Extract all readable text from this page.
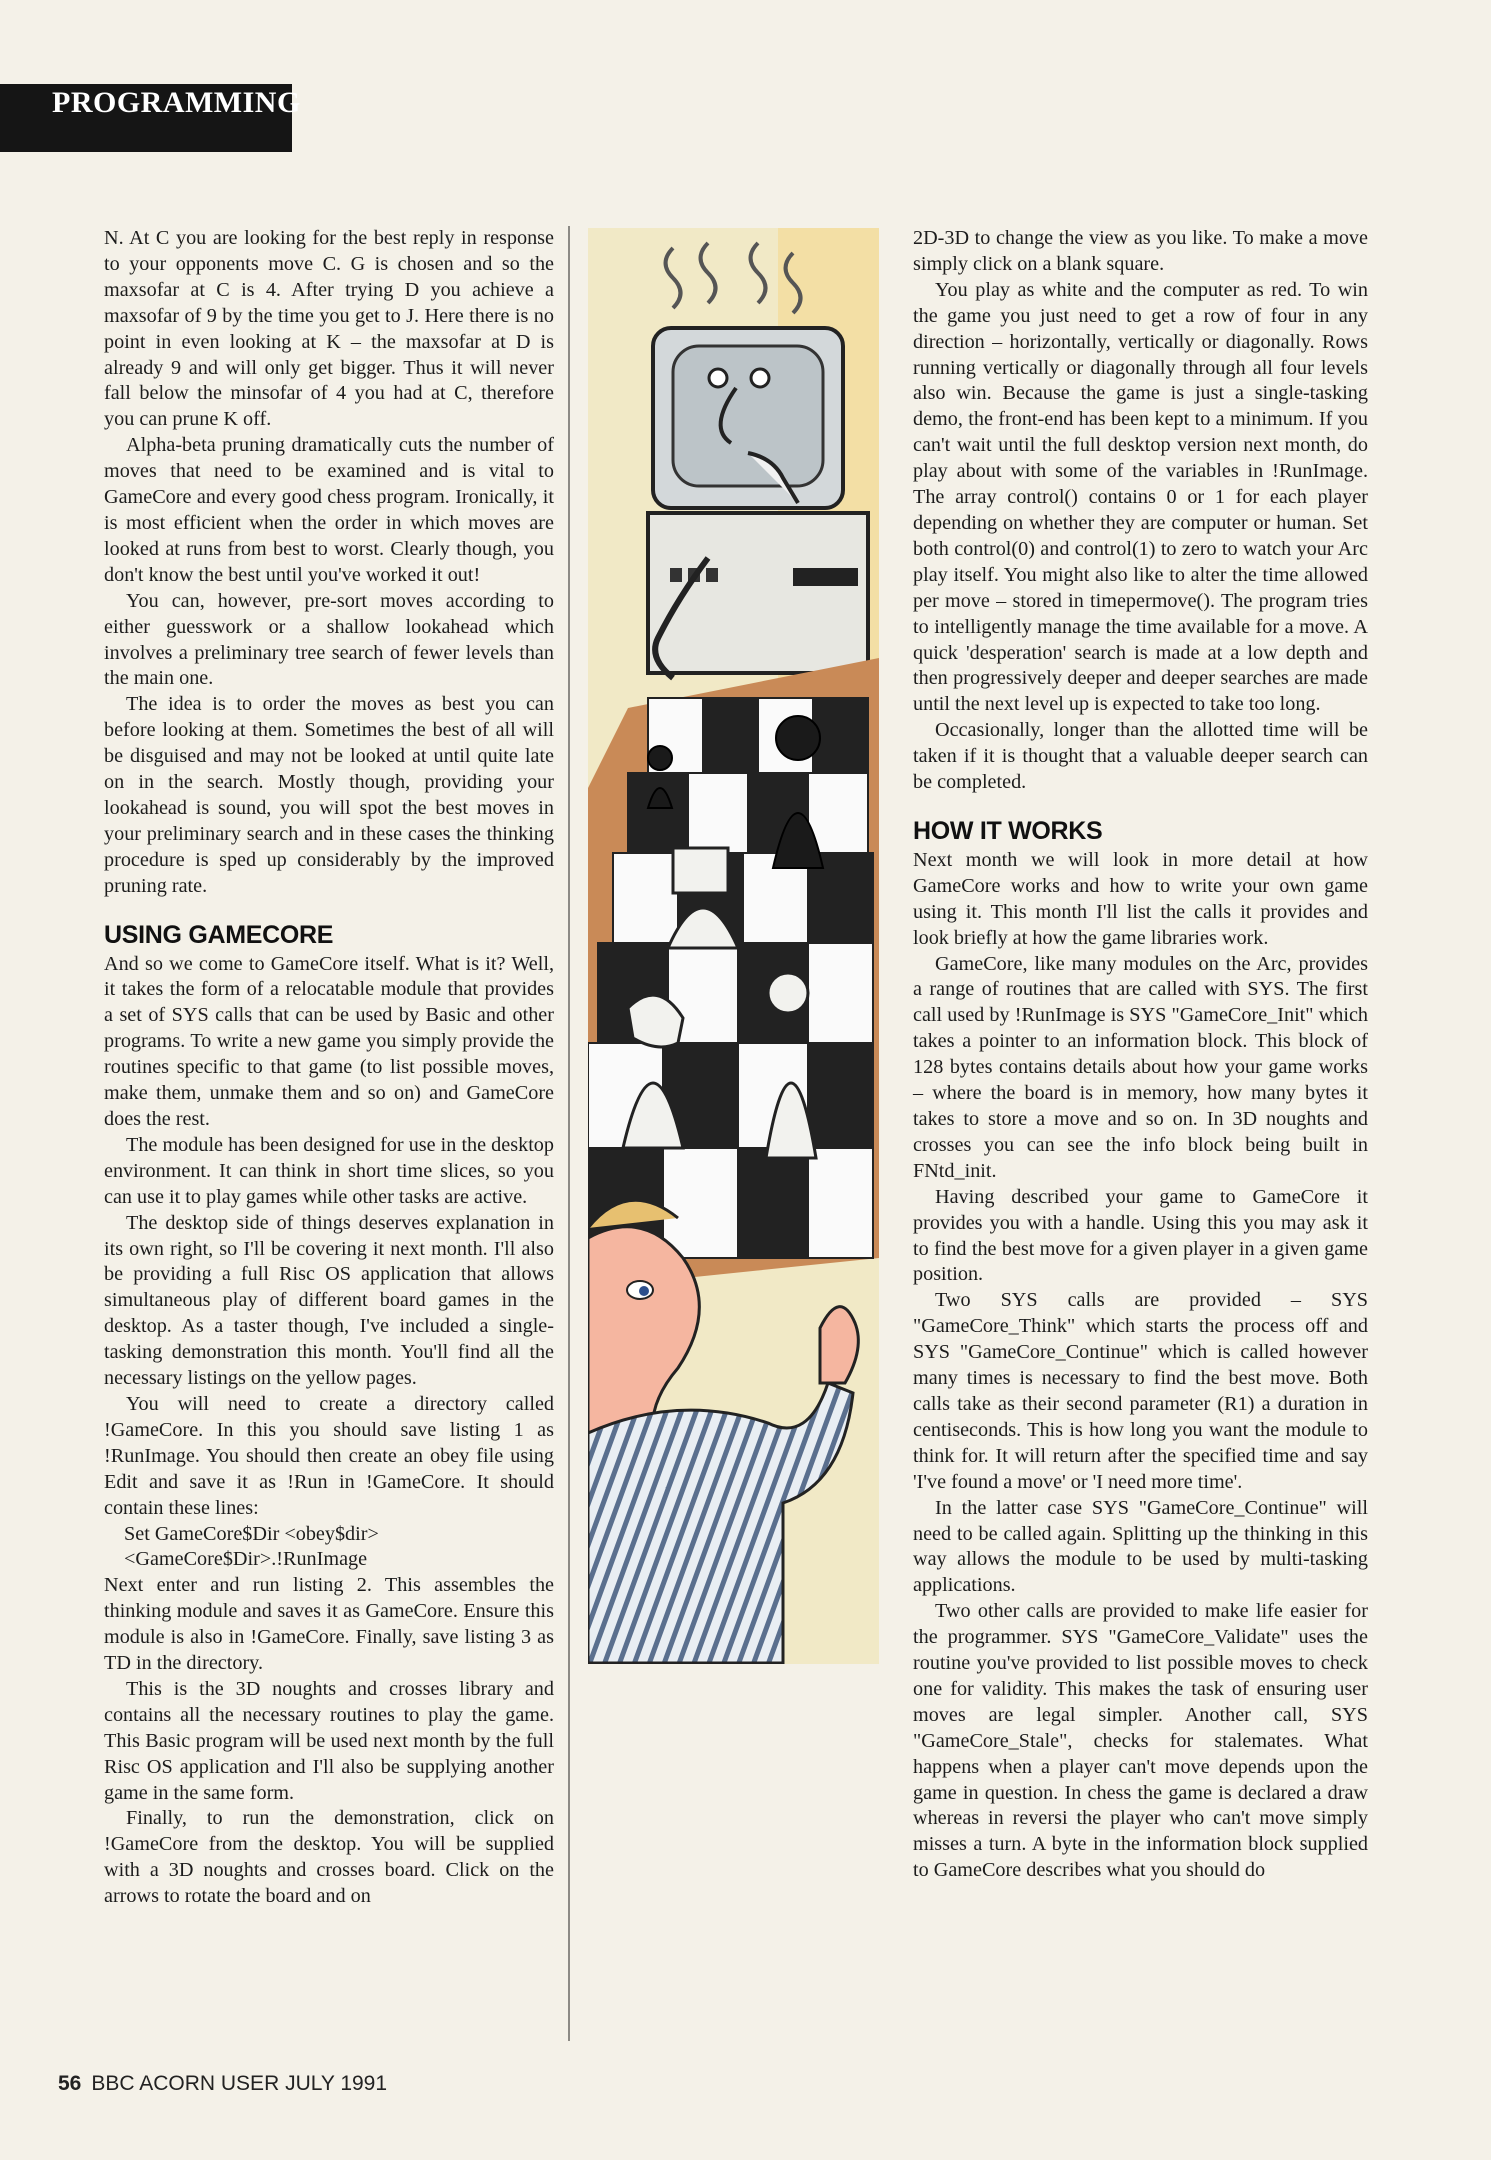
PROGRAMMING

N. At C you are looking for the best reply in response to your opponents move C. G is chosen and so the maxsofar at C is 4. After trying D you achieve a maxsofar of 9 by the time you get to J. Here there is no point in even looking at K – the maxsofar at D is already 9 and will only get bigger. Thus it will never fall below the minsofar of 4 you had at C, therefore you can prune K off.

Alpha-beta pruning dramatically cuts the number of moves that need to be examined and is vital to GameCore and every good chess program. Ironically, it is most efficient when the order in which moves are looked at runs from best to worst. Clearly though, you don't know the best until you've worked it out!

You can, however, pre-sort moves according to either guesswork or a shallow lookahead which involves a preliminary tree search of fewer levels than the main one.

The idea is to order the moves as best you can before looking at them. Sometimes the best of all will be disguised and may not be looked at until quite late on in the search. Mostly though, providing your lookahead is sound, you will spot the best moves in your preliminary search and in these cases the thinking procedure is sped up considerably by the improved pruning rate.

USING GAMECORE

And so we come to GameCore itself. What is it? Well, it takes the form of a relocatable module that provides a set of SYS calls that can be used by Basic and other programs. To write a new game you simply provide the routines specific to that game (to list possible moves, make them, unmake them and so on) and GameCore does the rest.

The module has been designed for use in the desktop environment. It can think in short time slices, so you can use it to play games while other tasks are active.

The desktop side of things deserves explanation in its own right, so I'll be covering it next month. I'll also be providing a full Risc OS application that allows simultaneous play of different board games in the desktop. As a taster though, I've included a single-tasking demonstration this month. You'll find all the necessary listings on the yellow pages.

You will need to create a directory called !GameCore. In this you should save listing 1 as !RunImage. You should then create an obey file using Edit and save it as !Run in !GameCore. It should contain these lines:

Set GameCore$Dir <obey$dir>

<GameCore$Dir>.!RunImage

Next enter and run listing 2. This assembles the thinking module and saves it as GameCore. Ensure this module is also in !GameCore. Finally, save listing 3 as TD in the directory.

This is the 3D noughts and crosses library and contains all the necessary routines to play the game. This Basic program will be used next month by the full Risc OS application and I'll also be supplying another game in the same form.

Finally, to run the demonstration, click on !GameCore from the desktop. You will be supplied with a 3D noughts and crosses board. Click on the arrows to rotate the board and on

2D-3D to change the view as you like. To make a move simply click on a blank square.

You play as white and the computer as red. To win the game you just need to get a row of four in any direction – horizontally, vertically or diagonally. Rows running vertically or diagonally through all four levels also win. Because the game is just a single-tasking demo, the front-end has been kept to a minimum. If you can't wait until the full desktop version next month, do play about with some of the variables in !RunImage. The array control() contains 0 or 1 for each player depending on whether they are computer or human. Set both control(0) and control(1) to zero to watch your Arc play itself. You might also like to alter the time allowed per move – stored in timepermove(). The program tries to intelligently manage the time available for a move. A quick 'desperation' search is made at a low depth and then progressively deeper and deeper searches are made until the next level up is expected to take too long.

Occasionally, longer than the allotted time will be taken if it is thought that a valuable deeper search can be completed.

HOW IT WORKS

Next month we will look in more detail at how GameCore works and how to write your own game using it. This month I'll list the calls it provides and look briefly at how the game libraries work.

GameCore, like many modules on the Arc, provides a range of routines that are called with SYS. The first call used by !RunImage is SYS "GameCore_Init" which takes a pointer to an information block. This block of 128 bytes contains details about how your game works – where the board is in memory, how many bytes it takes to store a move and so on. In 3D noughts and crosses you can see the info block being built in FNtd_init.

Having described your game to GameCore it provides you with a handle. Using this you may ask it to find the best move for a given player in a given game position.

Two SYS calls are provided – SYS "GameCore_Think" which starts the process off and SYS "GameCore_Continue" which is called however many times is necessary to find the best move. Both calls take as their second parameter (R1) a duration in centiseconds. This is how long you want the module to think for. It will return after the specified time and say 'I've found a move' or 'I need more time'.

In the latter case SYS "GameCore_Continue" will need to be called again. Splitting up the thinking in this way allows the module to be used by multi-tasking applications.

Two other calls are provided to make life easier for the programmer. SYS "GameCore_Validate" uses the routine you've provided to list possible moves to check one for validity. This makes the task of ensuring user moves are legal simpler. Another call, SYS "GameCore_Stale", checks for stalemates. What happens when a player can't move depends upon the game in question. In chess the game is declared a draw whereas in reversi the player who can't move simply misses a turn. A byte in the information block supplied to GameCore describes what you should do

56 BBC ACORN USER JULY 1991
